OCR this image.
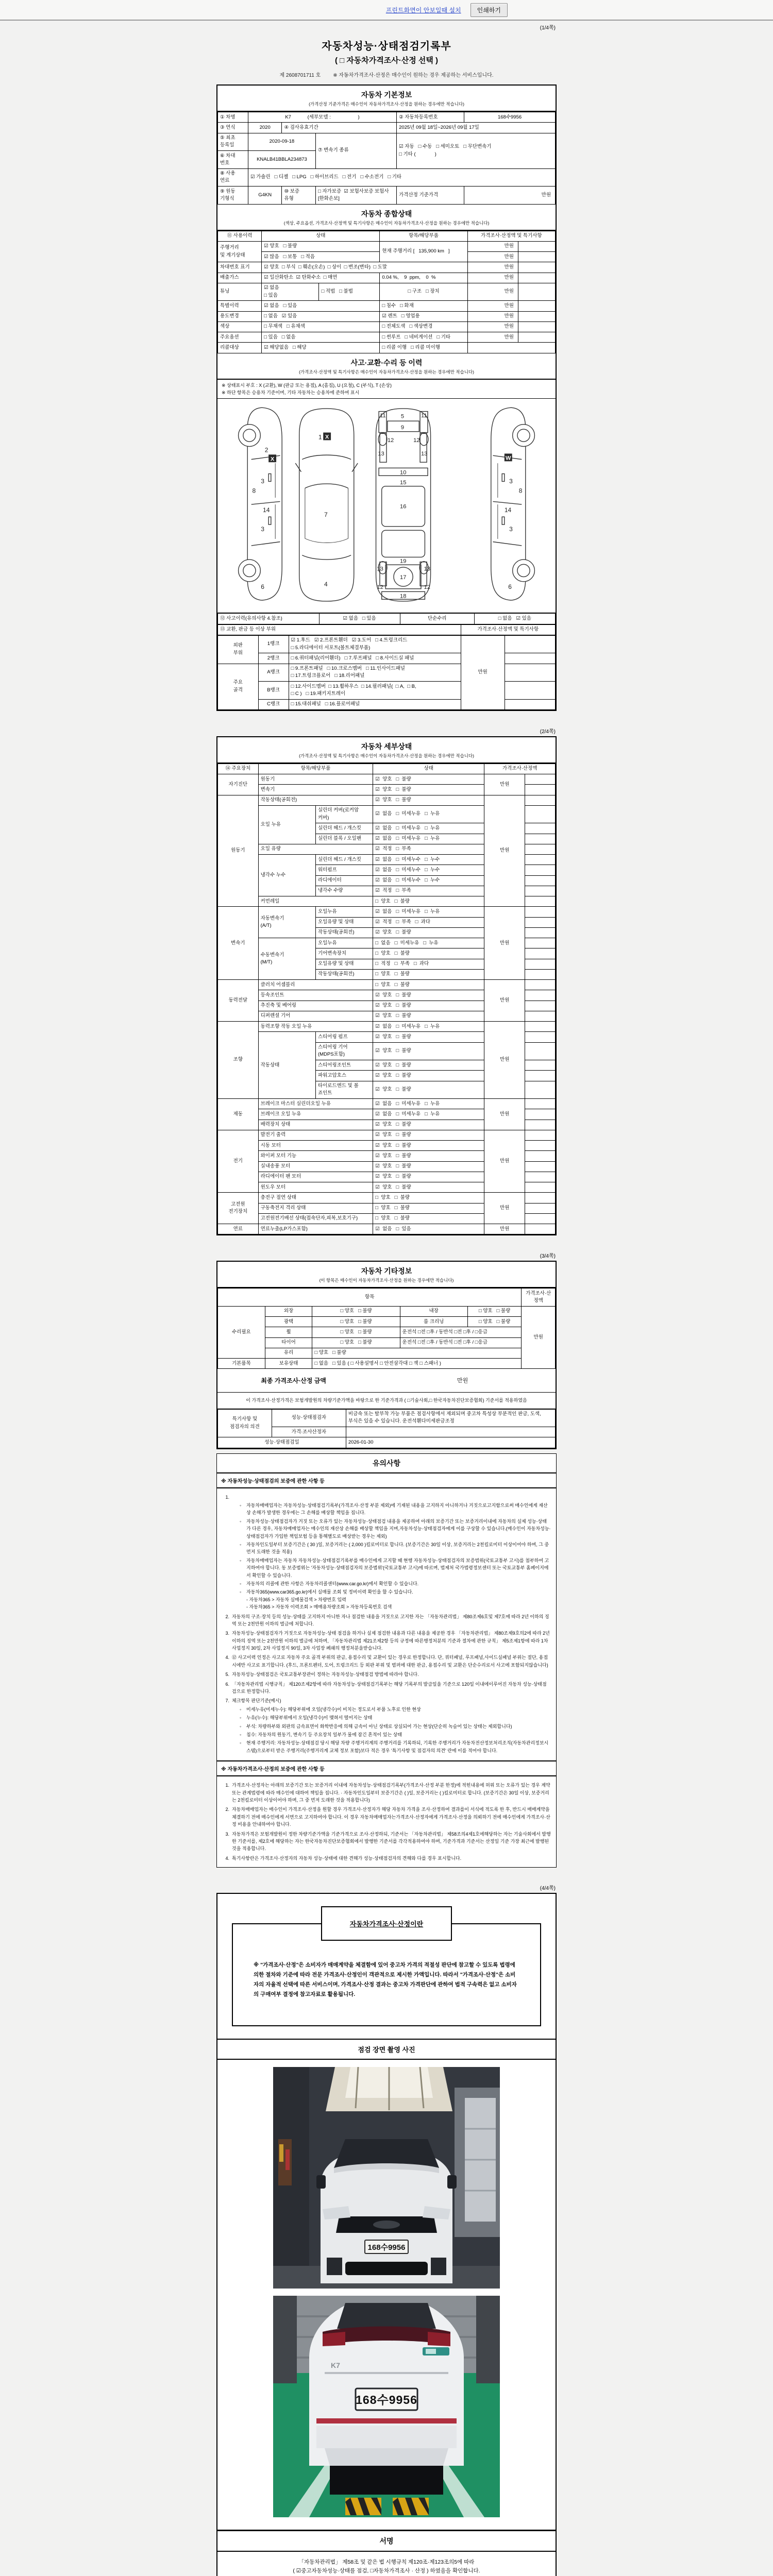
프린트화면이 안보일때 설치	인쇄하기
(1/4쪽)
자동차성능·상태점검기록부
( □ 자동차가격조사·산정 선택 )
제 2608701711 호 ※ 자동차가격조사·산정은 매수인이 원하는 경우 제공하는 서비스입니다.
자동차 기본정보
(가격산정 기준가격은 매수인이 자동차가격조사·산정을 원하는 경우에만 적습니다)
① 차명	K7            (세부모델 :                    )			② 자동차등록번호	168수9956
③ 연식	2020	④ 검사유효기간		2025년 09월 18일~2026년 09월 17일	
⑤ 최초
등록일	2020-09-18		⑦ 변속기 종류	☑ 자동   □ 수동   □ 세미오토   □ 무단변속기
□ 기타 (              )	
⑥ 차대
번호	KNALB41BBLA234873				
⑧ 사용
연료	☑ 가솔린   □ 디젤   □ LPG   □ 하이브리드   □ 전기   □ 수소전기   □ 기타				
⑨ 원동
기형식	G4KN	⑩ 보증
유형	□ 자가보증  ☑ 보험사보증 보험사[한화손보]	가격산정 기준가격	만원
자동차 종합상태
(색상, 주요옵션, 가격조사·산정액 및 특기사항은 매수인이 자동차가격조사·산정을 원하는 경우에만 적습니다)
⑪ 사용이력	상태		항목/해당부품	가격조사·산정액 및 특기사항	
주행거리
및 계기상태	☑ 양호   □ 불량		현재 주행거리 [   135,900 km   ]	만원	
	☑ 많음   □ 보통   □ 적음			만원	
차대번호 표기	☑ 양호  □ 부식  □ 훼손(오손)  □ 상이  □ 변조(변타)  □ 도말			만원	
배출가스	☑ 일산화탄소  ☑ 탄화수소  □ 매연		0.04 %,    9  ppm,    0  %	만원	
튜닝	☑ 없음
□ 있음	□ 적법   □ 불법	□ 구조   □ 장치	만원	
특별이력	☑ 없음   □ 있음		□ 침수   □ 화재	만원	
용도변경	□ 없음   ☑ 있음		☑ 렌트   □ 영업용	만원	
색상	□ 무채색   □ 유채색		□ 전체도색   □ 색상변경	만원	
주요옵션	□ 있음   □ 없음		□ 썬루프   □ 네비게이션   □ 기타	만원	
리콜대상	☑ 해당없음   □ 해당		□ 리콜 이행   □ 리콜 미이행		
사고·교환·수리 등 이력
(가격조사·산정액 및 특기사항은 매수인이 자동차가격조사·산정을 원하는 경우에만 적습니다)
※ 상태표시 부호 : X (교환), W (판금 또는 용접), A (흠집), U (요철), C (부식), T (손상)
※ 하단 항목은 승용차 기준이며, 기타 자동차는 승용차에 준하여 표시
2
3
8
14
3
6
X
1
7
4
X
5
9
11	11
12	12
13	13
10
15
16
19
13	13
17
12	12
18
3
8
14
3
6
W
⑫ 사고이력(유의사항 4.참조)	☑ 없음   □ 있음	단순수리	□ 없음   ☑ 있음
⑬ 교환, 판금 등 이상 부위	가격조사·산정액 및 특기사항
외판
부위	1랭크	☑ 1.후드   ☑ 2.프론트휀더   ☑ 3.도어   □ 4.트렁크리드
□ 5.라디에이터 서포트(볼트체결부품)	만원	
	2랭크	□ 6.쿼터패널(리어휀더)   □ 7.루프패널   □ 8.사이드실 패널		
주요
골격	A랭크	□ 9.프론트패널   □ 10.크로스멤버   □ 11.인사이드패널
□ 17.트렁크플로어   □ 18.리어패널		
	B랭크	□ 12.사이드멤버  □ 13.휠하우스  □ 14.필러패널(  □ A,  □ B,
□ C )   □ 19.패키지트레이		
	C랭크	□ 15.대쉬패널   □ 16.플로어패널		
(2/4쪽)
자동차 세부상태
(가격조사·산정액 및 특기사항은 매수인이 자동차가격조사·산정을 원하는 경우에만 적습니다)
⑭ 주요장치	항목/해당부품		상태	가격조사·산정액	
자기진단	원동기		☑  양호   □  불량	만원	
	변속기		☑  양호   □  불량		
원동기	작동상태(공회전)		☑  양호   □  불량	만원	
	오일 누유	실린더 커버(로커암 커버)	☑  없음   □  미세누유   □  누유		
		실린더 헤드 / 개스킷	☑  없음   □  미세누유   □  누유		
		실린더 블록 / 오일팬	☑  없음   □  미세누유   □  누유		
	오일 유량		☑  적정   □  부족		
	냉각수 누수	실린더 헤드 / 개스킷	☑  없음   □  미세누수   □  누수		
		워터펌프	☑  없음   □  미세누수   □  누수		
		라디에이터	☑  없음   □  미세누수   □  누수		
		냉각수 수량	☑  적정   □  부족		
	커먼레일		□  양호   □  불량		
변속기	자동변속기
(A/T)	오일누유	☑  없음   □  미세누유   □  누유	만원	
		오일유량 및 상태	☑  적정   □  부족   □  과다		
		작동상태(공회전)	☑  양호   □  불량		
	수동변속기
(M/T)	오일누유	□  없음   □  미세누유   □  누유		
		기어변속장치	□  양호   □  불량		
		오일유량 및 상태	□  적정   □  부족   □  과다		
		작동상태(공회전)	□  양호   □  불량		
동력전달	클러치 어셈블리		□  양호   □  불량	만원	
	등속조인트		☑  양호   □  불량		
	추진축 및 베어링		☑  양호   □  불량		
	디퍼렌셜 기어		☑  양호   □  불량		
조향	동력조향 작동 오일 누유		☑  없음   □  미세누유   □  누유	만원	
	작동상태	스티어링 펌프	☑  양호   □  불량		
		스티어링 기어(MDPS포함)	☑  양호   □  불량		
		스티어링조인트	☑  양호   □  불량		
		파워고압호스	☑  양호   □  불량		
		타이로드엔드 및 볼 죠인트	☑  양호   □  불량		
제동	브레이크 마스터 실린더오일 누유		☑  없음   □  미세누유   □  누유	만원	
	브레이크 오일 누유		☑  없음   □  미세누유   □  누유		
	배력장치 상태		☑  양호   □  불량		
전기	발전기 출력		☑  양호   □  불량	만원	
	시동 모터		☑  양호   □  불량		
	와이퍼 모터 기능		☑  양호   □  불량		
	실내송풍 모터		☑  양호   □  불량		
	라디에이터 팬 모터		☑  양호   □  불량		
	윈도우 모터		☑  양호   □  불량		
고전원
전기장치	충전구 절연 상태		□  양호   □  불량	만원	
	구동축전지 격리 상태		□  양호   □  불량		
	고전원전기배선 상태(접속단자,피복,보호기구)		□  양호   □  불량		
연료	연료누출(LP가스포함)		☑  없음   □  있음	만원	
(3/4쪽)
자동차 기타정보
(이 항목은 매수인이 자동차가격조사·산정을 원하는 경우에만 적습니다)
항목					가격조사·산
정액
수리필요	외장	□ 양호   □ 불량	내장	□ 양호   □ 불량	만원
	광택	□ 양호   □ 불량	룸 크리닝	□ 양호   □ 불량	
	휠	□ 양호   □ 불량	운전석 □전 □후 / 동반석 □전 □후 / □응급		
	타이어	□ 양호   □ 불량	운전석 □전 □후 / 동반석 □전 □후 / □응급		
	유리	□ 양호   □ 불량			
기본품목	보유상태	□ 없음   □ 있음 ( □ 사용설명서 □ 안전삼각대 □ 잭 □ 스패너 )			
최종 가격조사·산정 금액	만원
이 가격조사·산정가격은 보험개발원의 차량기준가액을 바탕으로 한 기준가격과 ( □기술사회,□ 한국자동차진단보증협회) 기준서를 적용하였음
특기사항 및
점검자의 의견	성능·상태점검자	비금속 또는 탈부착 가능 부품은 점검사항에서 제외되며 중고차 특성상 부분적인 판금, 도색, 부식은 있을 수 있습니다. 운전석휀다미세판금조정
	가격·조사산정자	
성능·상태점검일		2026-01-30
유의사항
※ 자동차성능·상태점검의 보증에 관한 사항 등
1.
◦	자동차매매업자는 자동차성능·상태점검기록부(가격조사·산정 부분 제외)에 기재된 내용을 고지하지 아니하거나 거짓으로고지함으로써 매수인에게 재산상 손해가 발생한 경우에는 그 손해를 배상할 책임을 집니다.
◦	자동차성능·상태점검자가 거짓 또는 오류가 있는 자동차성능·상태점검 내용을 제공하여 아래의 보증기간 또는 보증거리이내에 자동차의 실제 성능·상태가 다른 경우, 자동차매매업자는 매수인의 재산상 손해를 배상할 책임을 지며,자동차성능·상태점검자에게 이를 구상할 수 있습니다.(매수인이 자동차성능·상태점검자가 가입한 책임보험 등을 통해별도로 배상받는 경우는 제외)
◦	자동차인도일부터 보증기간은 ( 30 )일, 보증거리는 ( 2,000 )킬로미터로 합니다. (보증기간은 30일 이상, 보증거리는 2천킬로미터 이상이어야 하며, 그 중 먼저 도래한 것을 적용)
◦	자동차매매업자는 자동차 자동차성능·상태점검기록부를 매수인에게 고지할 때 현행 자동차성능·상태점검자의 보증범위(국토교통부 고시)를 첨부하여 고지하여야 합니다. 동 보증범위는 '자동차성능·상태점검자의 보증범위'(국토교통부 고시)에 따르며, 법제처 국가법령정보센터 또는 국토교통부 홈페이지에서 확인할 수 있습니다.
◦	자동차의 리콜에 관한 사항은 자동차리콜센터(www.car.go.kr)에서 확인할 수 있습니다.
◦	자동차365(www.car365.go.kr)에서 실매물 조회 및 정비이력 확인을 할 수 있습니다.
- 자동차365 > 자동차 실매물검색 > 차량번호 입력
- 자동차365 > 자동차 이력조회 > 매매용차량조회 > 자동차등록번호 검색
2. 자동차의 구조·장치 등의 성능·상태를 고지하지 아니한 자나 점검한 내용을 거짓으로 고지한 자는 「자동차관리법」 제80조제6호및 제7호에 따라 2년 이하의 징역 또는 2천만원 이하의 벌금에 처합니다.
3. 자동차성능·상태점검자가 거짓으로 자동차성능·상태 점검을 하거나 실제 점검한 내용과 다른 내용을 제공한 경우 「자동차관리법」 제80조제9호의2에 따라 2년 이하의 징역 또는 2천만원 이하의 벌금에 처하며, 「자동차관리법 제21조제2항 등의 규정에 따른행정처분의 기준과 절차에 관한 규칙」 제5조제1항에 따라 1차 사업정지 30일, 2차 사업정지 90일, 3차 사업장 폐쇄의 행정처분을받습니다.
4. ⑫ 사고이력 인정은 사고로 자동차 주요 골격 부위의 판금, 용접수리 및 교환이 있는 경우로 한정합니다. 단, 쿼터패널, 루프패널,사이드실패널 부위는 절단, 용접 시에만 사고로 표기합니다. (후드, 프론트펜더, 도어, 트렁크리드 등 외판 부위 및 범퍼에 대한 판금, 용접수리 및 교환은 단순수리로서 사고에 포함되지않습니다)
5. 자동차성능·상태점검은 국토교통부장관이 정하는 자동차성능·상태점검 방법에 따라야 합니다.
6. 「자동차관리법 시행규칙」 제120조제2항에 따라 자동차성능·상태점검기록부는 해당 기록부의 발급일을 기준으로 120일 이내에이루어진 자동차 성능·상태점검으로 한정합니다.
7. 체크항목 판단기준(예시)
◦	미세누유(미세누수): 해당부위에 오일(냉각수)이 비치는 정도로서 부품 노후로 인한 현상
◦	누유(누수): 해당부위에서 오일(냉각수)이 맺혀서 떨어지는 상태
◦	부식: 차량하부와 외판의 금속표면이 화학반응에 의해 금속이 아닌 상태로 상실되어 가는 현상(단순히 녹슬어 있는 상태는 제외합니다)
◦	침수: 자동차의 원동기, 변속기 등 주요장치 일부가 물에 잠긴 흔적이 있는 상태
◦	현재 주행거리: 자동차성능·상태점검 당시 해당 차량 주행거리계의 주행거리를 기록하되, 기록한 주행거리가 자동차전산정보처리조직(자동차관리정보시스템)으로부터 받은 주행거리(주행거리계 교체 정보 포함)보다 적은 경우 '특기사항 및 점검자의 의견' 란에 이를 적어야 합니다.
※ 자동차가격조사·산정의 보증에 관한 사항 등
1. 가격조사·산정자는 아래의 보증기간 또는 보증거리 이내에 자동차성능·상태점검기록부(가격조사·산정 부분 한정)에 적힌내용에 허위 또는 오류가 있는 경우 계약 또는 관계법령에 따라 매수인에 대하여 책임을 집니다. · 자동차인도일부터 보증기간은 ( )일, 보증거리는 ( )킬로미터로 합니다. (보증기간은 30일 이상, 보증거리는 2천킬로미터 이상이어야 하며, 그 중 먼저 도래한 것을 적용합니다)
2. 자동차매매업자는 매수인이 가격조사·산정을 원할 경우 가격조사·산정자가 해당 자동차 가격을 조사·산정하여 결과를이 서식에 적도록 한 후, 반드시 매매계약을 체결하기 전에 매수인에게 서면으로 고지하여야 합니다. 이 경우 자동차매매업자는가격조사·산정자에게 가격조사·산정을 의뢰하기 전에 매수인에게 가격조사·산정 비용을 안내하여야 합니다.
3. 자동차가격은 보험개발원이 정한 차량기준가액을 기준가격으로 조사·산정하되, 기준서는 「자동차관리법」 제58조의4제1호에해당하는 자는 기술사회에서 발행한 기준서를, 제2호에 해당하는 자는 한국자동차진단보증협회에서 발행한 기준서를 각각적용하여야 하며, 기준가격과 기준서는 산정일 기준 가장 최근에 발행된 것을 적용합니다.
4. 특기사항란은 가격조사·산정자의 자동차 성능·상태에 대한 견해가 성능·상태점검자의 견해와 다를 경우 표시합니다.
(4/4쪽)
자동차가격조사·산정이란
※ "가격조사·산정"은 소비자가 매매계약을 체결함에 있어 중고차 가격의 적절성 판단에 참고할 수 있도록 법령에 의한 절차와 기준에 따라 전문 가격조사·산정인이 객관적으로 제시한 가액입니다. 따라서 "가격조사·산정"은 소비자의 자율적 선택에 따른 서비스이며, 가격조사·산정 결과는 중고차 가격판단에 관하여 법적 구속력은 없고 소비자의 구매여부 결정에 참고자료로 활용됩니다.
점검 장면 촬영 사진
168수9956
K7
168수9956
서명
「자동차관리법」 제58조 및 같은 법 시행규칙 제120조·제123조의5에 따라
( ☑중고자동차성능·상태를 점검, □자동차가격조사 · 산정 ) 하였음을 확인합니다.
